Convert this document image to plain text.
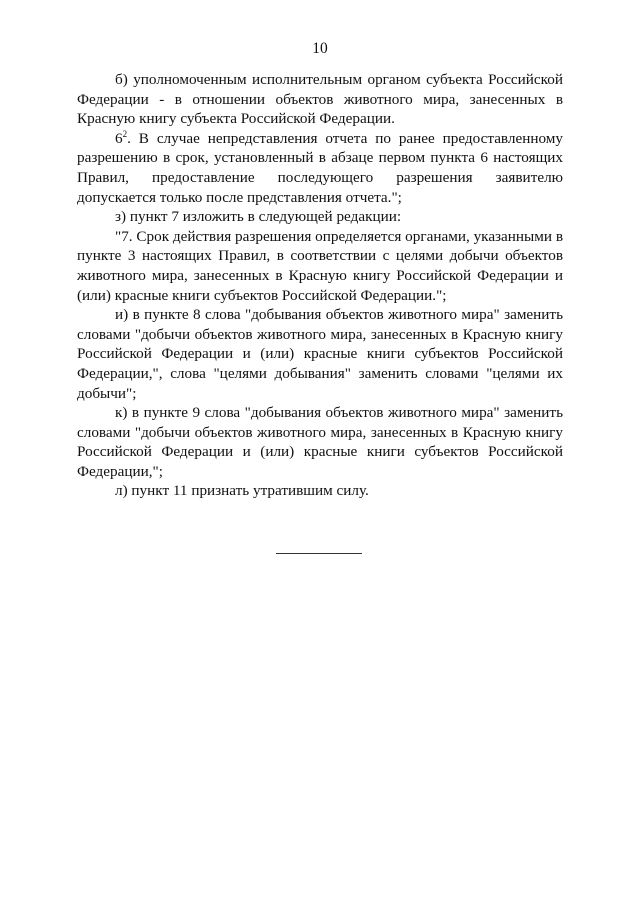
10

б) уполномоченным исполнительным органом субъекта Российской Федерации - в отношении объектов животного мира, занесенных в Красную книгу субъекта Российской Федерации.

$6^2$. В случае непредставления отчета по ранее предоставленному разрешению в срок, установленный в абзаце первом пункта 6 настоящих Правил, предоставление последующего разрешения заявителю допускается только после представления отчета.";

з) пункт 7 изложить в следующей редакции:

"7. Срок действия разрешения определяется органами, указанными в пункте 3 настоящих Правил, в соответствии с целями добычи объектов животного мира, занесенных в Красную книгу Российской Федерации и (или) красные книги субъектов Российской Федерации.";

и) в пункте 8 слова "добывания объектов животного мира" заменить словами "добычи объектов животного мира, занесенных в Красную книгу Российской Федерации и (или) красные книги субъектов Российской Федерации,", слова "целями добывания" заменить словами "целями их добычи";

к) в пункте 9 слова "добывания объектов животного мира" заменить словами "добычи объектов животного мира, занесенных в Красную книгу Российской Федерации и (или) красные книги субъектов Российской Федерации,";

л) пункт 11 признать утратившим силу.
